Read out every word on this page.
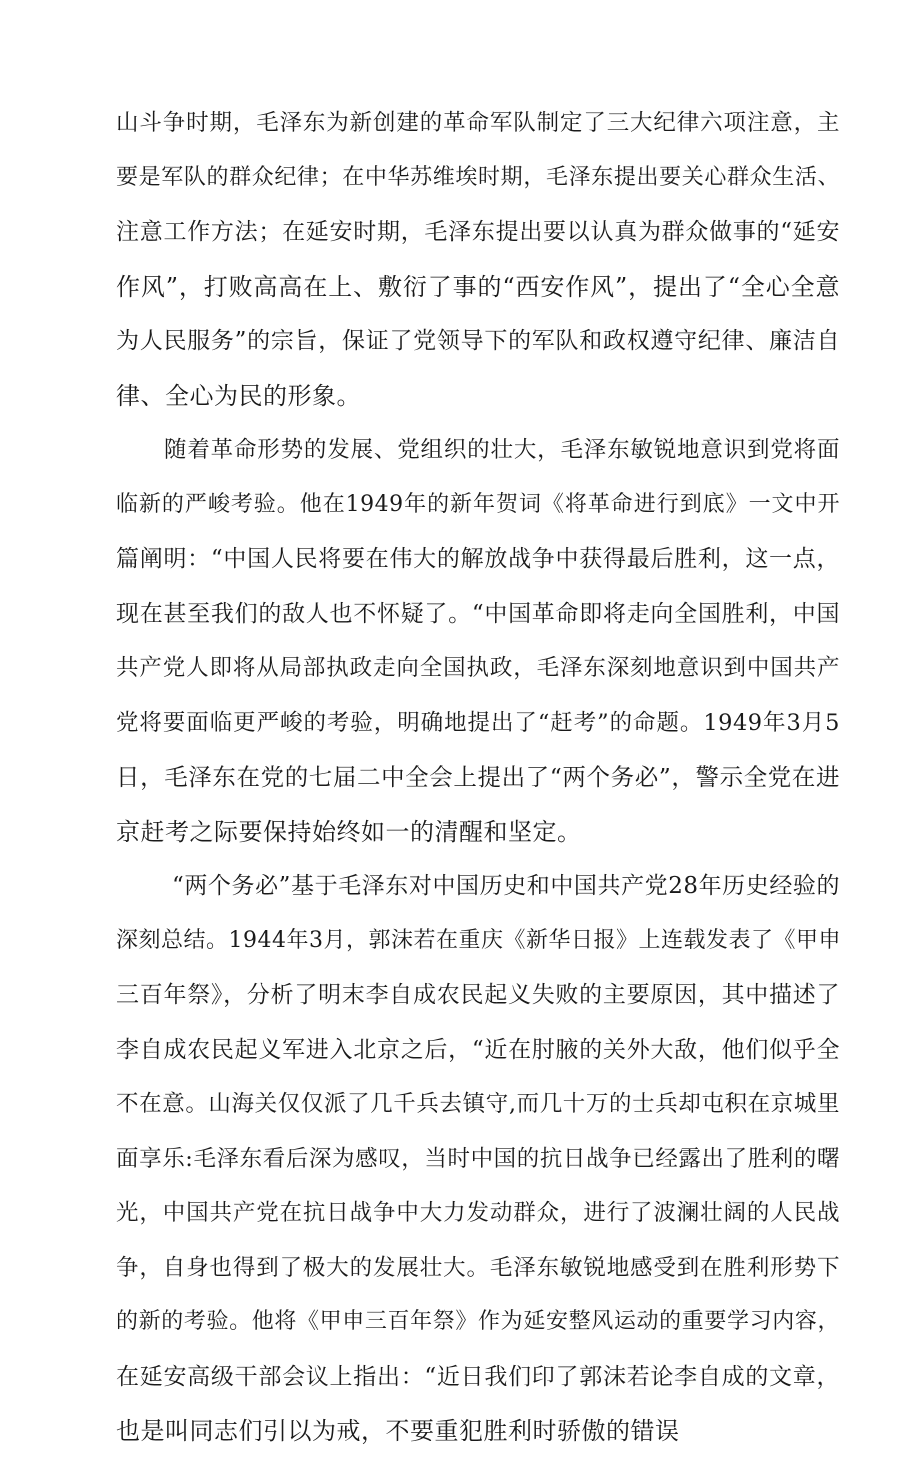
山斗争时期，毛泽东为新创建的革命军队制定了三大纪律六项注意，主
要是军队的群众纪律；在中华苏维埃时期，毛泽东提出要关心群众生活、
注意工作方法；在延安时期，毛泽东提出要以认真为群众做事的“延安
作风”，打败高高在上、敷衍了事的“西安作风”，提出了“全心全意
为人民服务”的宗旨，保证了党领导下的军队和政权遵守纪律、廉洁自
律、全心为民的形象。
随着革命形势的发展、党组织的壮大，毛泽东敏锐地意识到党将面
临新的严峻考验。他在1949年的新年贺词《将革命进行到底》一文中开
篇阐明：“中国人民将要在伟大的解放战争中获得最后胜利，这一点，
现在甚至我们的敌人也不怀疑了。“中国革命即将走向全国胜利，中国
共产党人即将从局部执政走向全国执政，毛泽东深刻地意识到中国共产
党将要面临更严峻的考验，明确地提出了“赶考”的命题。1949年3月5
日，毛泽东在党的七届二中全会上提出了“两个务必”，警示全党在进
京赶考之际要保持始终如一的清醒和坚定。
“两个务必”基于毛泽东对中国历史和中国共产党28年历史经验的
深刻总结。1944年3月，郭沫若在重庆《新华日报》上连载发表了《甲申
三百年祭》，分析了明末李自成农民起义失败的主要原因，其中描述了
李自成农民起义军进入北京之后，“近在肘腋的关外大敌，他们似乎全
不在意。山海关仅仅派了几千兵去镇守,而几十万的士兵却屯积在京城里
面享乐:毛泽东看后深为感叹，当时中国的抗日战争已经露出了胜利的曙
光，中国共产党在抗日战争中大力发动群众，进行了波澜壮阔的人民战
争，自身也得到了极大的发展壮大。毛泽东敏锐地感受到在胜利形势下
的新的考验。他将《甲申三百年祭》作为延安整风运动的重要学习内容，
在延安高级干部会议上指出：“近日我们印了郭沫若论李自成的文章，
也是叫同志们引以为戒，不要重犯胜利时骄傲的错误
